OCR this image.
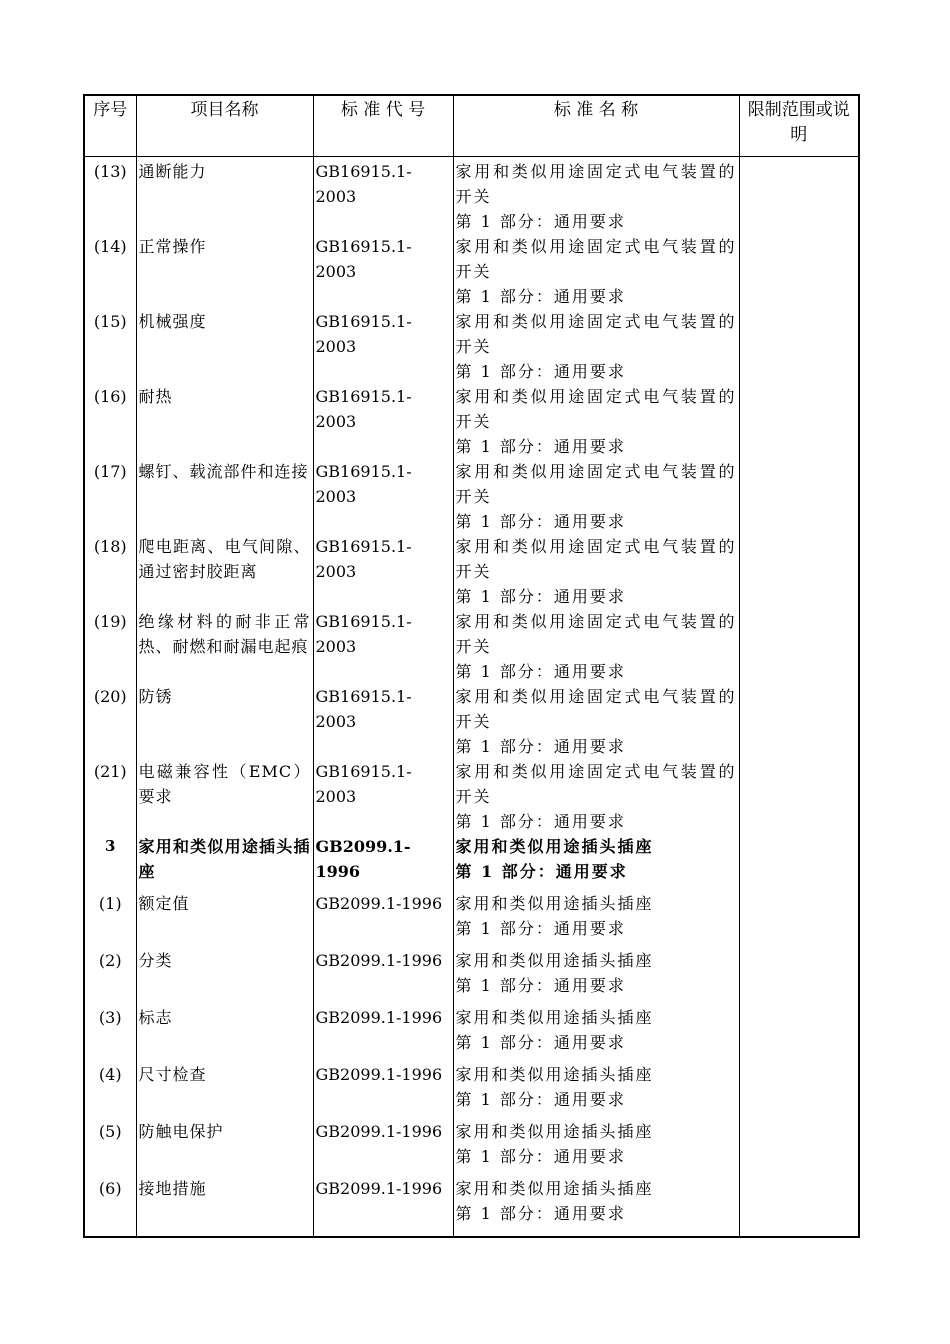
序号	项目名称	标 准 代 号	标 准 名 称	限制范围或说明
(13)	通断能力	GB16915.1-2003	家用和类似用途固定式电气装置的开关
第 1 部分：通用要求	
(14)	正常操作	GB16915.1-2003	家用和类似用途固定式电气装置的开关
第 1 部分：通用要求	
(15)	机械强度	GB16915.1-2003	家用和类似用途固定式电气装置的开关
第 1 部分：通用要求	
(16)	耐热	GB16915.1-2003	家用和类似用途固定式电气装置的开关
第 1 部分：通用要求	
(17)	螺钉、载流部件和连接	GB16915.1-2003	家用和类似用途固定式电气装置的开关
第 1 部分：通用要求	
(18)	爬电距离、电气间隙、通过密封胶距离	GB16915.1-2003	家用和类似用途固定式电气装置的开关
第 1 部分：通用要求	
(19)	绝缘材料的耐非正常热、耐燃和耐漏电起痕	GB16915.1-2003	家用和类似用途固定式电气装置的开关
第 1 部分：通用要求	
(20)	防锈	GB16915.1-2003	家用和类似用途固定式电气装置的开关
第 1 部分：通用要求	
(21)	电磁兼容性（EMC）要求	GB16915.1-2003	家用和类似用途固定式电气装置的开关
第 1 部分：通用要求	
3	家用和类似用途插头插座	GB2099.1-1996	家用和类似用途插头插座
第 1 部分：通用要求	
(1)	额定值	GB2099.1-1996	家用和类似用途插头插座
第 1 部分：通用要求	
(2)	分类	GB2099.1-1996	家用和类似用途插头插座
第 1 部分：通用要求	
(3)	标志	GB2099.1-1996	家用和类似用途插头插座
第 1 部分：通用要求	
(4)	尺寸检查	GB2099.1-1996	家用和类似用途插头插座
第 1 部分：通用要求	
(5)	防触电保护	GB2099.1-1996	家用和类似用途插头插座
第 1 部分：通用要求	
(6)	接地措施	GB2099.1-1996	家用和类似用途插头插座
第 1 部分：通用要求	
